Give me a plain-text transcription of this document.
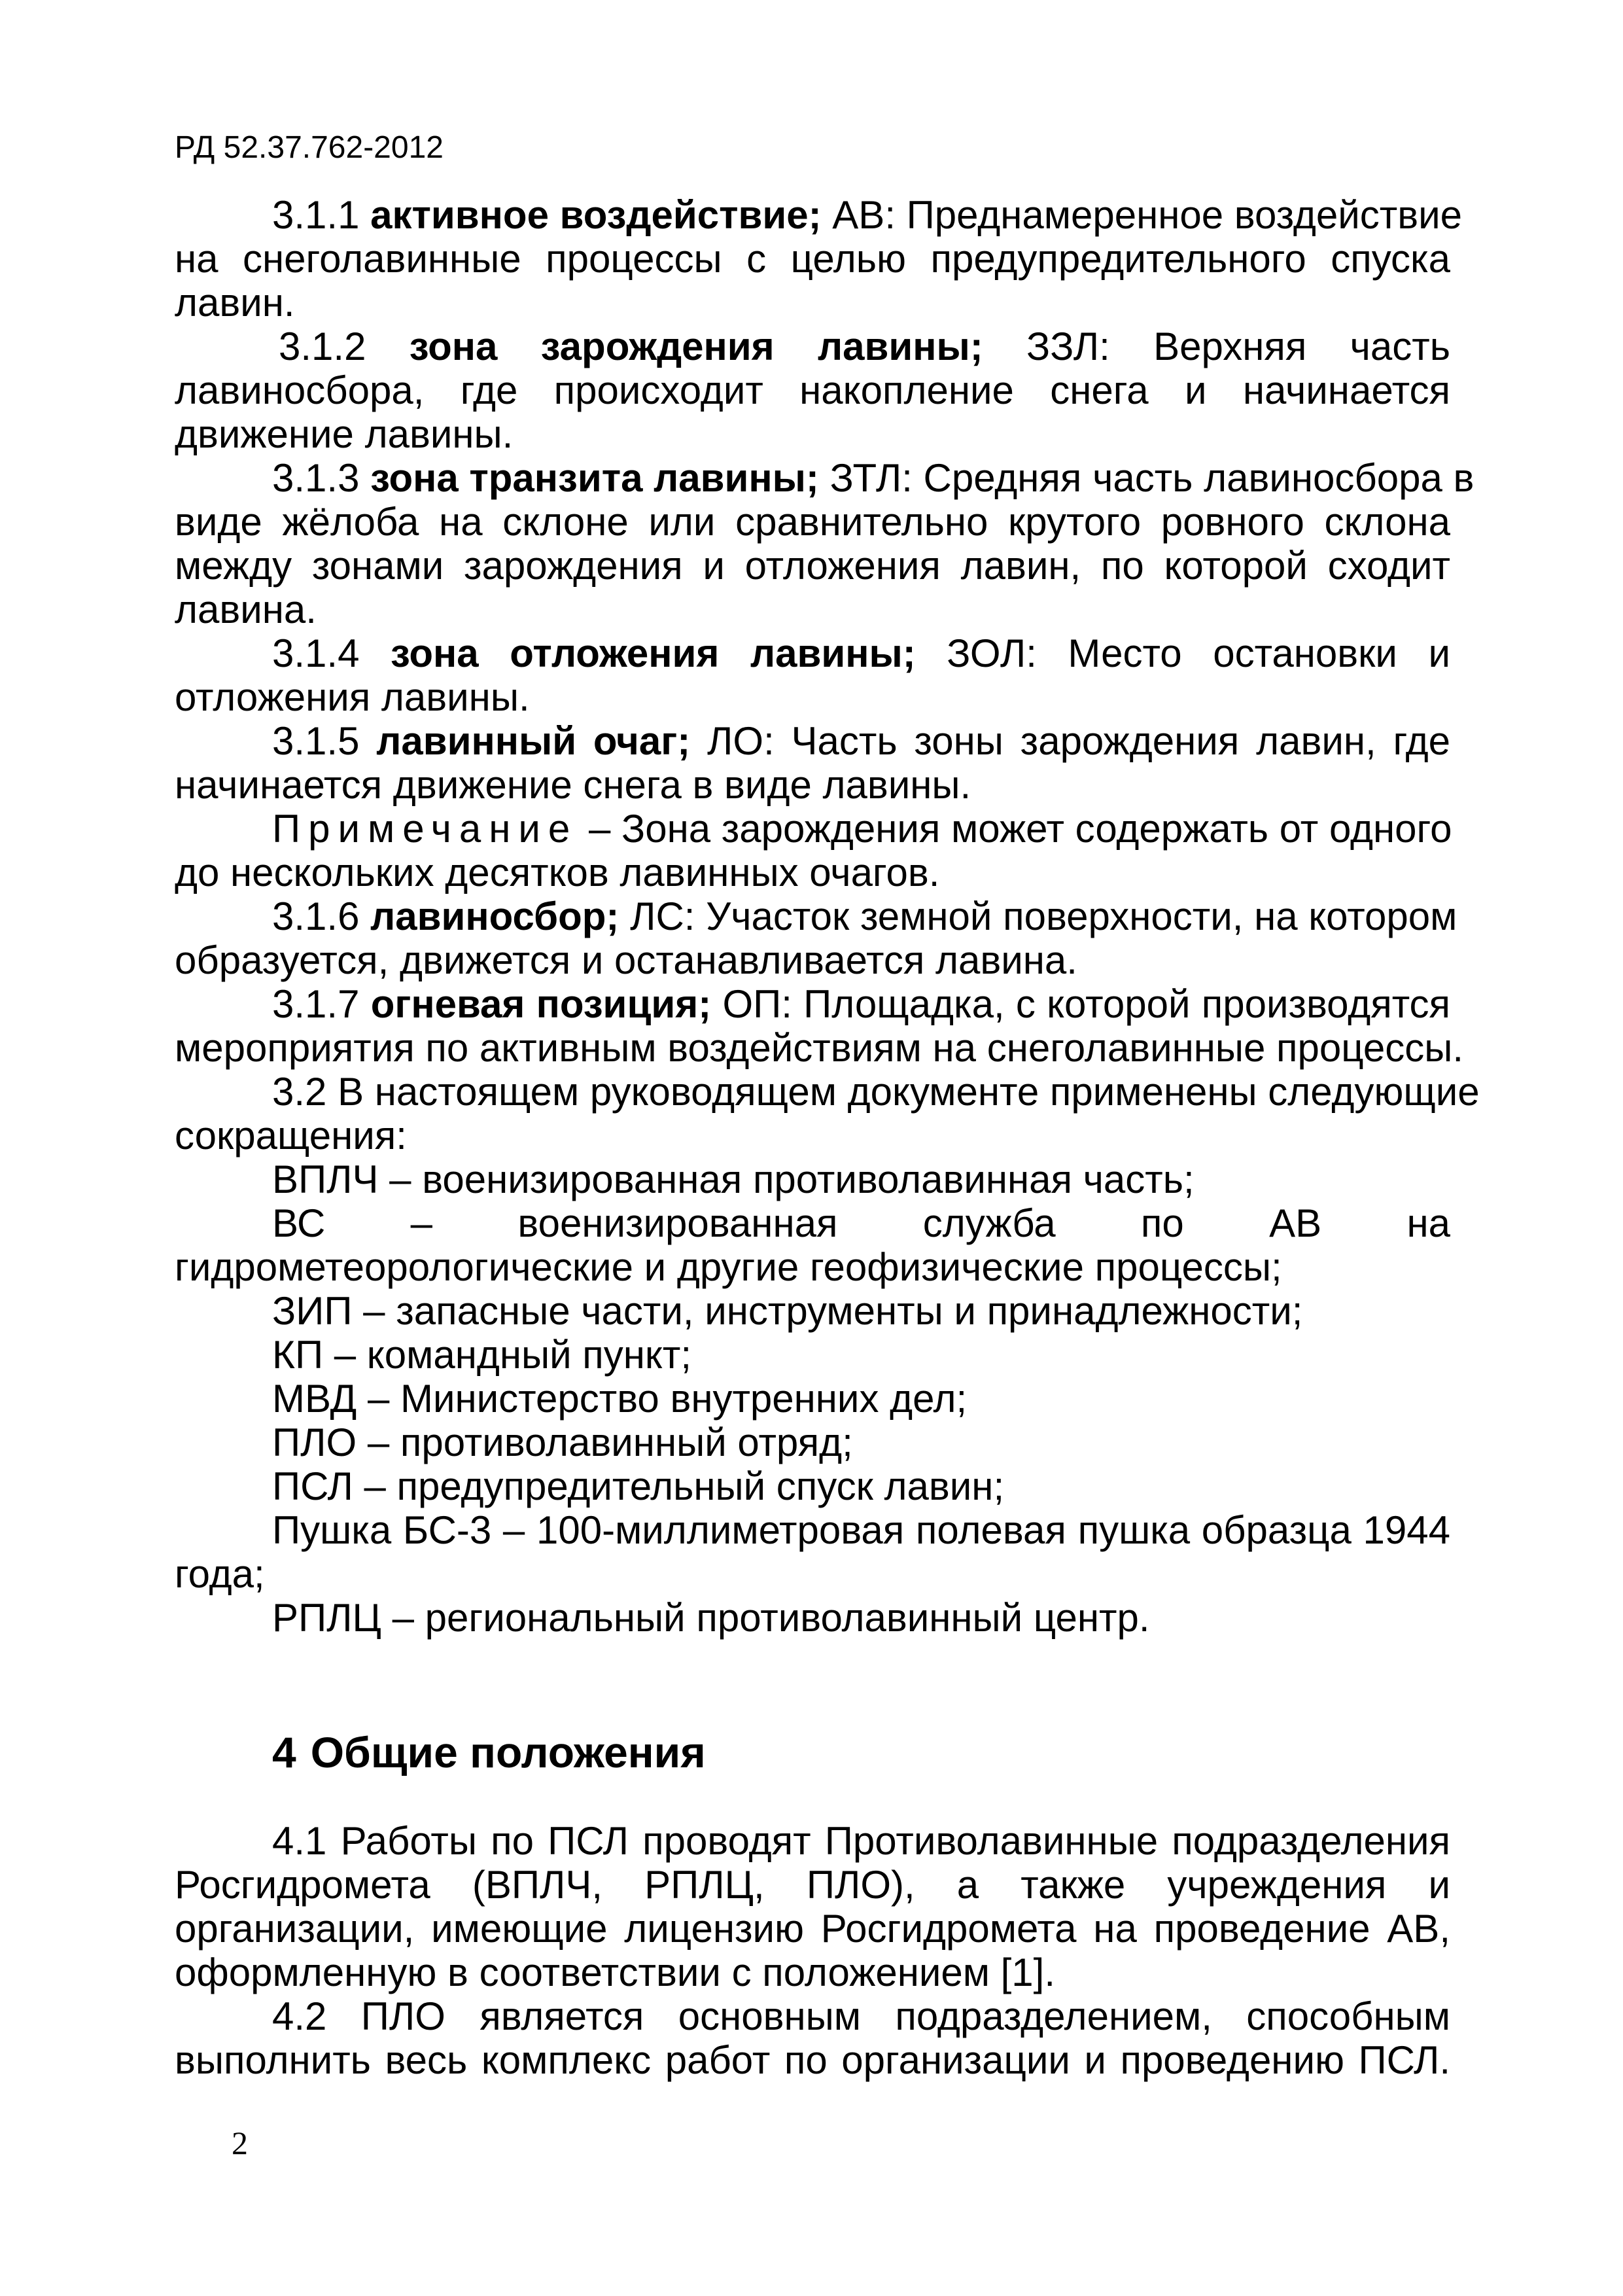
РД 52.37.762-2012
3.1.1 активное воздействие; АВ: Преднамеренное воздействие
на снеголавинные процессы с целью предупредительного спуска
лавин.
3.1.2 зона зарождения лавины; ЗЗЛ: Верхняя часть
лавиносбора, где происходит накопление снега и начинается
движение лавины.
3.1.3 зона транзита лавины; ЗТЛ: Средняя часть лавиносбора в
виде жёлоба на склоне или сравнительно крутого ровного склона
между зонами зарождения и отложения лавин, по которой сходит
лавина.
3.1.4 зона отложения лавины; ЗОЛ: Место остановки и
отложения лавины.
3.1.5 лавинный очаг; ЛО: Часть зоны зарождения лавин, где
начинается движение снега в виде лавины.
Примечание – Зона зарождения может содержать от одного
до нескольких десятков лавинных очагов.
3.1.6 лавиносбор; ЛС: Участок земной поверхности, на котором
образуется, движется и останавливается лавина.
3.1.7 огневая позиция; ОП: Площадка, с которой производятся
мероприятия по активным воздействиям на снеголавинные процессы.
3.2 В настоящем руководящем документе применены следующие
сокращения:
ВПЛЧ – военизированная противолавинная часть;
ВС – военизированная служба по АВ на
гидрометеорологические и другие геофизические процессы;
ЗИП – запасные части, инструменты и принадлежности;
КП – командный пункт;
МВД – Министерство внутренних дел;
ПЛО – противолавинный отряд;
ПСЛ – предупредительный спуск лавин;
Пушка БС-3 – 100-миллиметровая полевая пушка образца 1944
года;
РПЛЦ – региональный противолавинный центр.
4 Общие положения
4.1 Работы по ПСЛ проводят Противолавинные подразделения
Росгидромета (ВПЛЧ, РПЛЦ, ПЛО), а также учреждения и
организации, имеющие лицензию Росгидромета на проведение АВ,
оформленную в соответствии с положением [1].
4.2 ПЛО является основным подразделением, способным
выполнить весь комплекс работ по организации и проведению ПСЛ.
2
